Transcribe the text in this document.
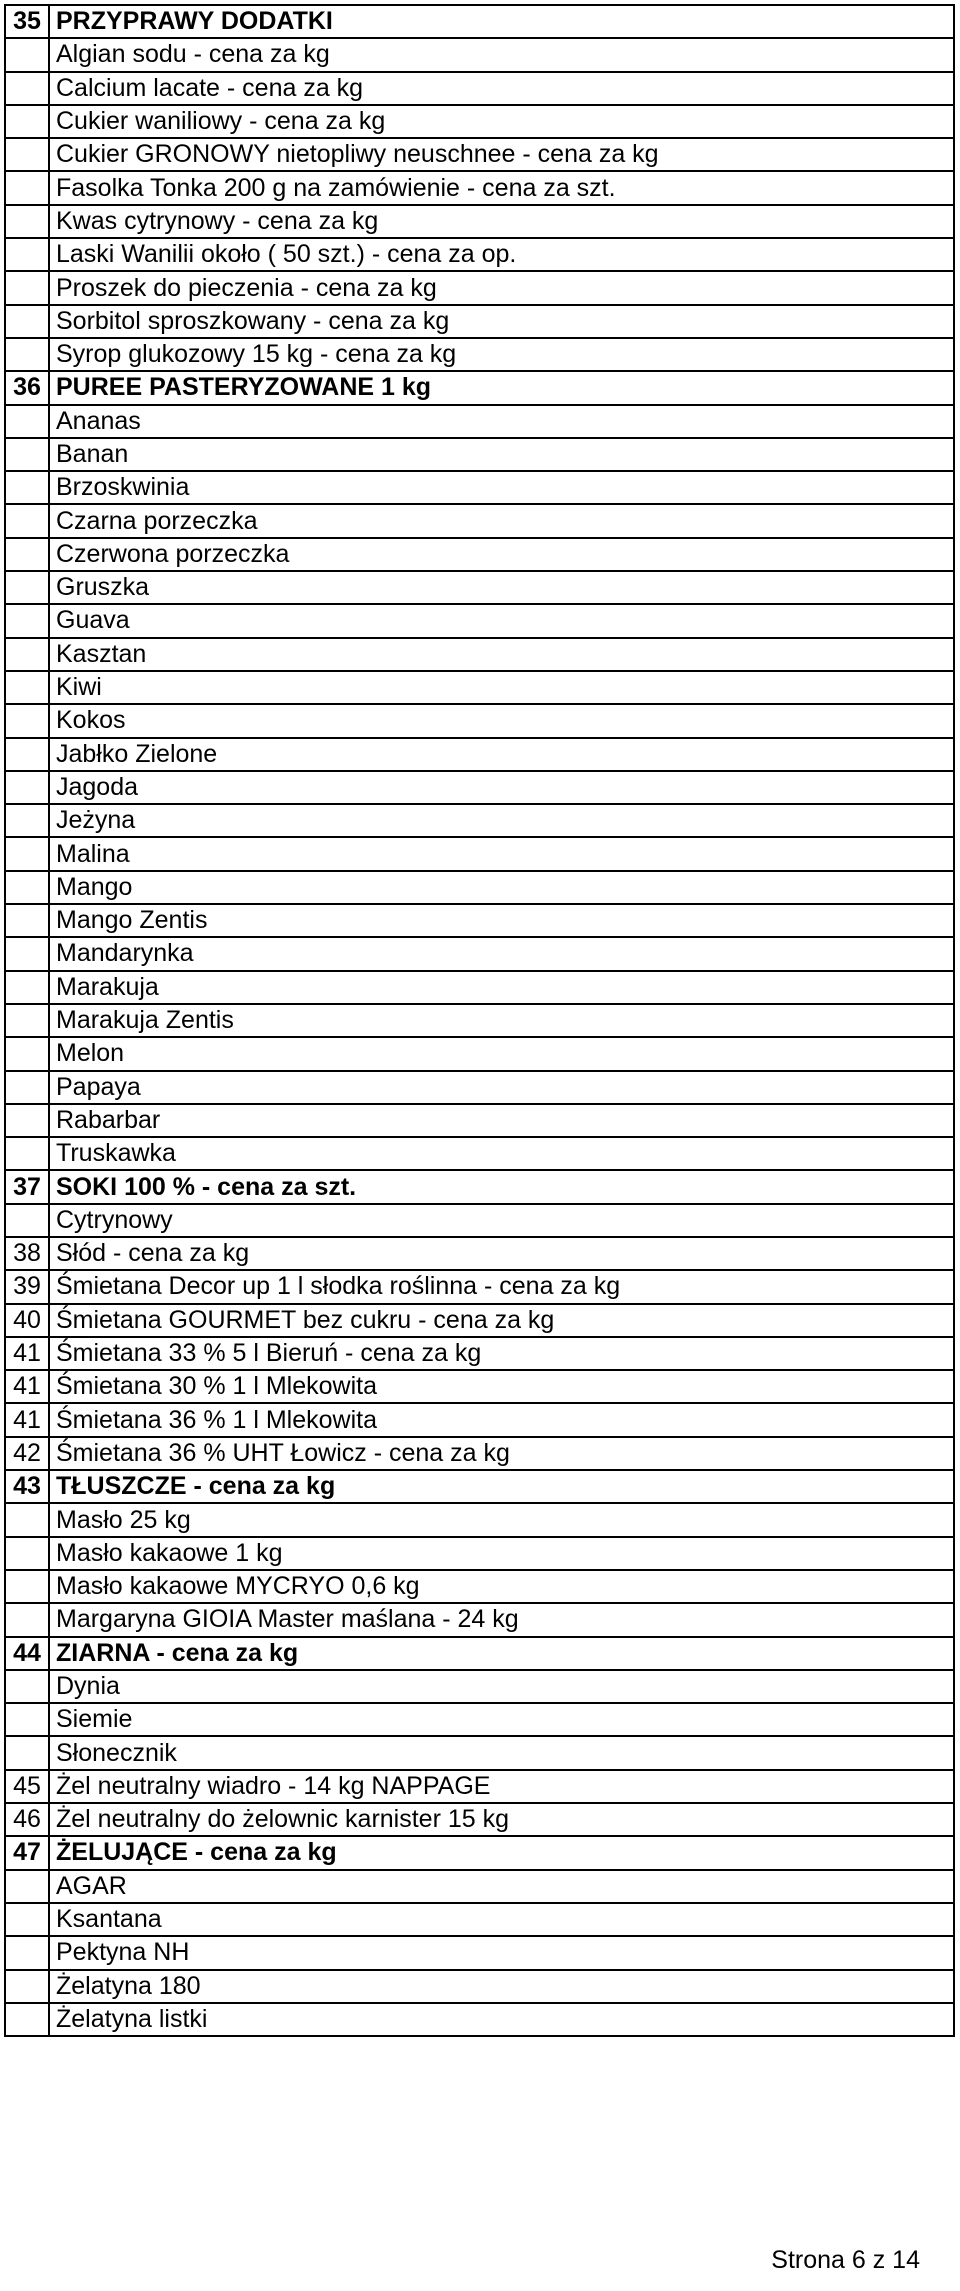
35	PRZYPRAWY DODATKI
	Algian sodu - cena za kg
	Calcium lacate - cena za kg
	Cukier waniliowy - cena za kg
	Cukier GRONOWY nietopliwy neuschnee - cena za kg
	Fasolka Tonka 200 g na zamówienie - cena za szt.
	Kwas cytrynowy - cena za kg
	Laski Wanilii około ( 50 szt.) - cena za op.
	Proszek do pieczenia - cena za kg
	Sorbitol sproszkowany - cena za kg
	Syrop glukozowy 15 kg - cena za kg
36	PUREE PASTERYZOWANE 1 kg
	Ananas
	Banan
	Brzoskwinia
	Czarna porzeczka
	Czerwona porzeczka
	Gruszka
	Guava
	Kasztan
	Kiwi
	Kokos
	Jabłko Zielone
	Jagoda
	Jeżyna
	Malina
	Mango
	Mango Zentis
	Mandarynka
	Marakuja
	Marakuja Zentis
	Melon
	Papaya
	Rabarbar
	Truskawka
37	SOKI 100 % - cena za szt.
	Cytrynowy
38	Słód - cena za kg
39	Śmietana Decor up 1 l słodka roślinna - cena za kg
40	Śmietana GOURMET bez cukru - cena za kg
41	Śmietana 33 % 5 l Bieruń - cena za kg
41	Śmietana 30 % 1 l Mlekowita
41	Śmietana 36 % 1 l Mlekowita
42	Śmietana 36 % UHT Łowicz - cena za kg
43	TŁUSZCZE - cena za kg
	Masło 25 kg
	Masło kakaowe 1 kg
	Masło kakaowe MYCRYO 0,6 kg
	Margaryna GIOIA Master maślana - 24 kg
44	ZIARNA - cena za kg
	Dynia
	Siemie
	Słonecznik
45	Żel neutralny wiadro - 14 kg NAPPAGE
46	Żel neutralny do żelownic karnister 15 kg
47	ŻELUJĄCE - cena za kg
	AGAR
	Ksantana
	Pektyna NH
	Żelatyna 180
	Żelatyna listki
Strona 6 z 14
